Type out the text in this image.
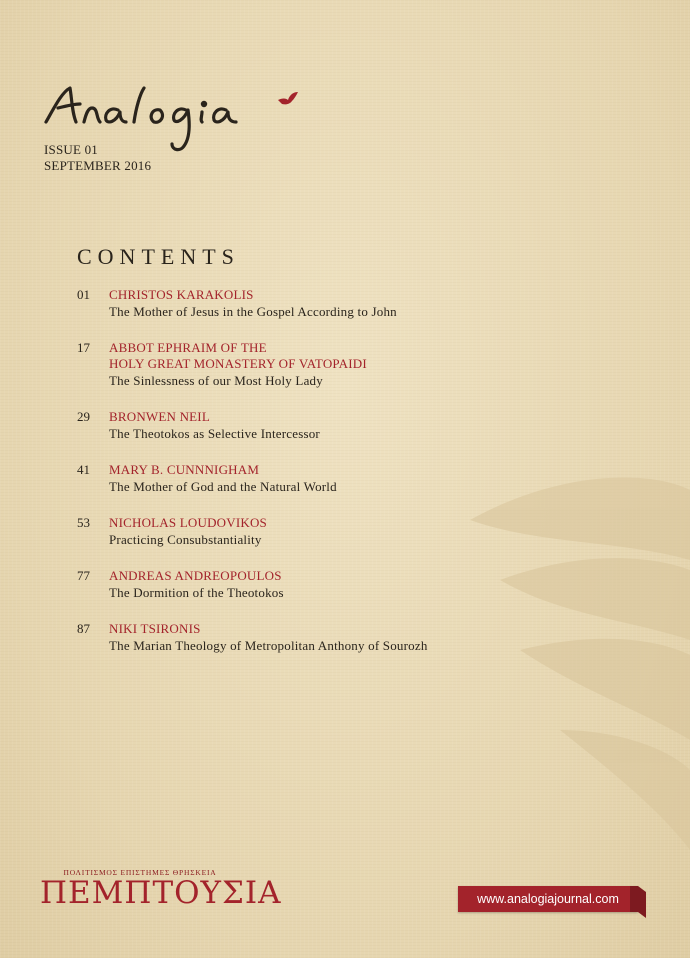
ISSUE 01
SEPTEMBER 2016
CONTENTS
01	CHRISTOS KARAKOLIS
The Mother of Jesus in the Gospel According to John
17	ABBOT EPHRAIM OF THE
HOLY GREAT MONASTERY OF VATOPAIDI
The Sinlessness of our Most Holy Lady
29	BRONWEN NEIL
The Theotokos as Selective Intercessor
41	MARY B. CUNNNIGHAM
The Mother of God and the Natural World
53	NICHOLAS LOUDOVIKOS
Practicing Consubstantiality
77	ANDREAS ANDREOPOULOS
The Dormition of the Theotokos
87	NIKI TSIRONIS
The Marian Theology of Metropolitan Anthony of Sourozh
ΠΟΛΙΤΙΣΜΟΣ ΕΠΙΣΤΗΜΕΣ ΘΡΗΣΚΕΙΑ
ΠΕΜΠΤΟΥΣΙΑ	www.analogiajournal.com
